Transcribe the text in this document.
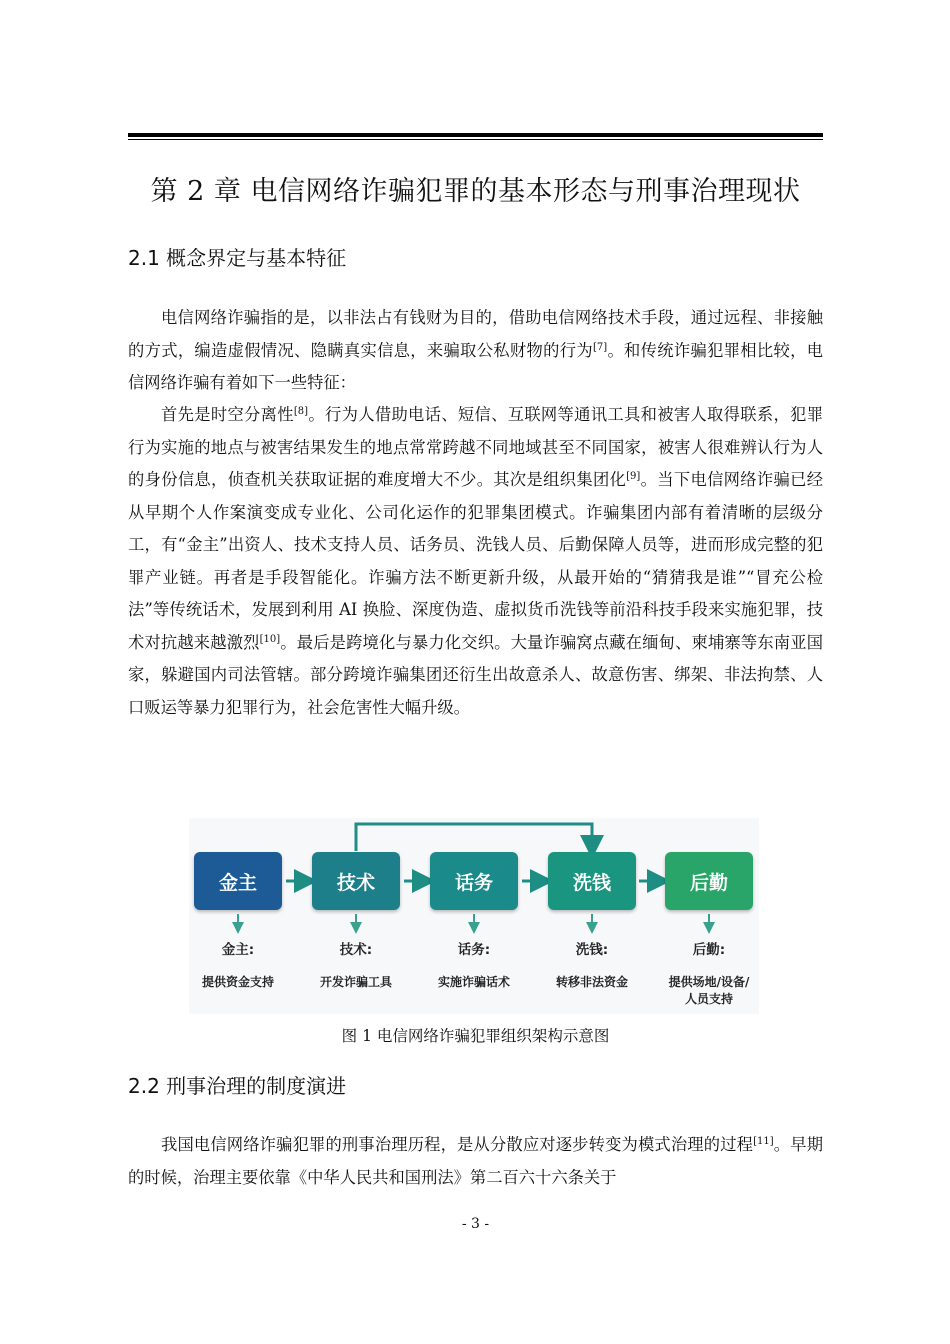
第 2 章 电信网络诈骗犯罪的基本形态与刑事治理现状
2.1 概念界定与基本特征

电信网络诈骗指的是，以非法占有钱财为目的，借助电信网络技术手段，通过远程、非接触的方式，编造虚假情况、隐瞒真实信息，来骗取公私财物的行为[7]。和传统诈骗犯罪相比较，电信网络诈骗有着如下一些特征：

首先是时空分离性[8]。行为人借助电话、短信、互联网等通讯工具和被害人取得联系，犯罪行为实施的地点与被害结果发生的地点常常跨越不同地域甚至不同国家，被害人很难辨认行为人的身份信息，侦查机关获取证据的难度增大不少。其次是组织集团化[9]。当下电信网络诈骗已经从早期个人作案演变成专业化、公司化运作的犯罪集团模式。诈骗集团内部有着清晰的层级分工，有“金主”出资人、技术支持人员、话务员、洗钱人员、后勤保障人员等，进而形成完整的犯罪产业链。再者是手段智能化。诈骗方法不断更新升级，从最开始的“猜猜我是谁”“冒充公检法”等传统话术，发展到利用 AI 换脸、深度伪造、虚拟货币洗钱等前沿科技手段来实施犯罪，技术对抗越来越激烈[10]。最后是跨境化与暴力化交织。大量诈骗窝点藏在缅甸、柬埔寨等东南亚国家，躲避国内司法管辖。部分跨境诈骗集团还衍生出故意杀人、故意伤害、绑架、非法拘禁、人口贩运等暴力犯罪行为，社会危害性大幅升级。

金主	技术	话务	洗钱	后勤
金主:	技术:	话务:	洗钱:	后勤:
提供资金支持	开发诈骗工具	实施诈骗话术	转移非法资金	提供场地/设备/人员支持
图 1 电信网络诈骗犯罪组织架构示意图
2.2 刑事治理的制度演进

我国电信网络诈骗犯罪的刑事治理历程，是从分散应对逐步转变为模式治理的过程[11]。早期的时候，治理主要依靠《中华人民共和国刑法》第二百六十六条关于

- 3 -
